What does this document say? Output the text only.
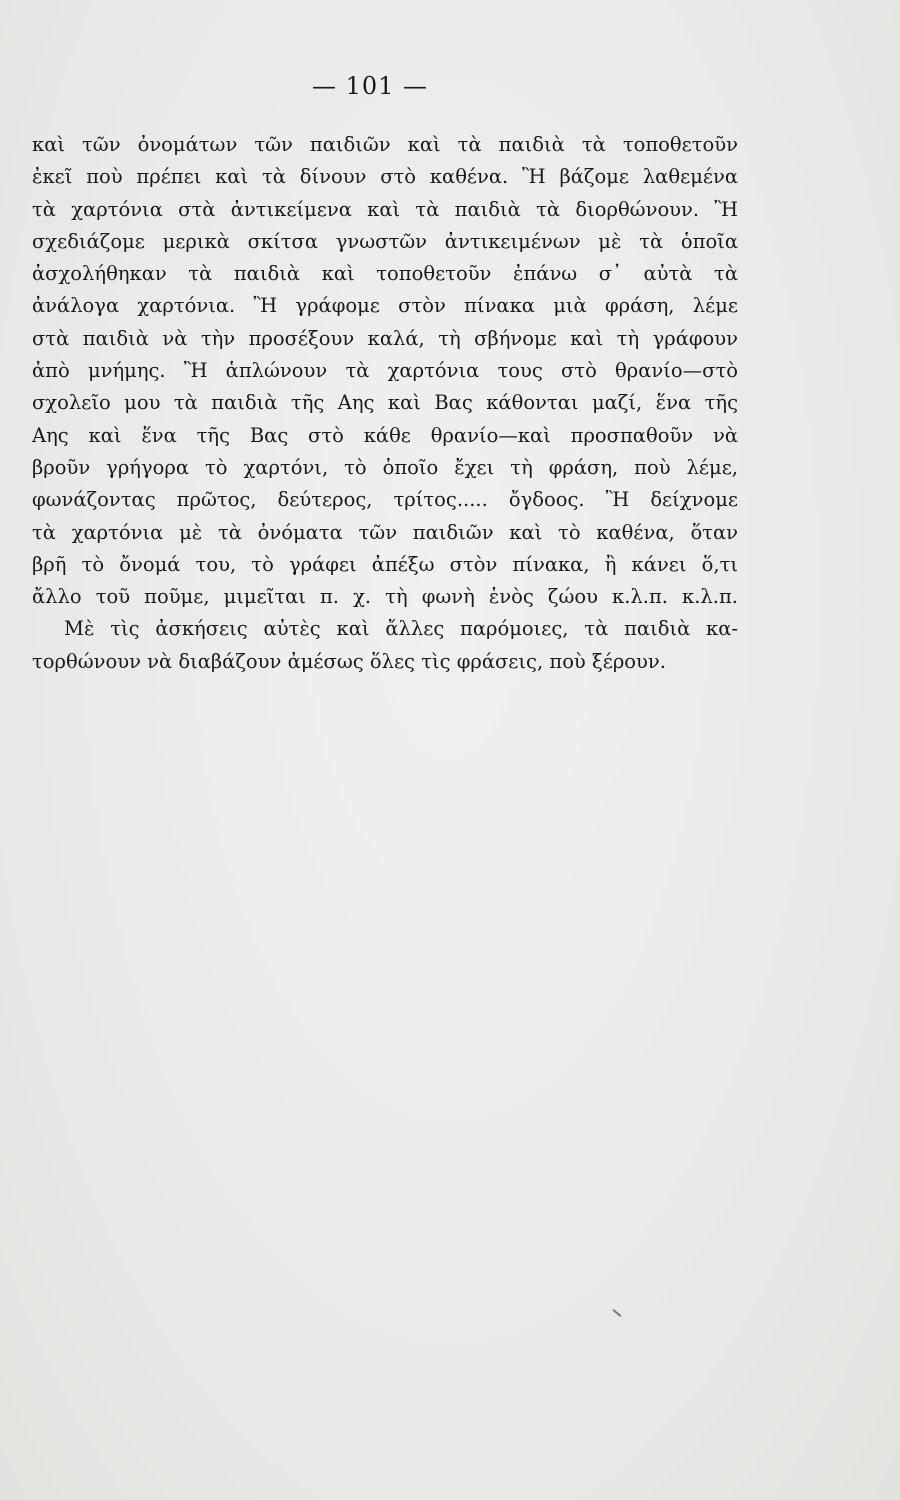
— 101 —
καὶ τῶν ὀνομάτων τῶν παιδιῶν καὶ τὰ παιδιὰ τὰ τοποθετοῦν
ἐκεῖ ποὺ πρέπει καὶ τὰ δίνουν στὸ καθένα. Ἢ βάζομε λαθεμένα
τὰ χαρτόνια στὰ ἀντικείμενα καὶ τὰ παιδιὰ τὰ διορθώνουν. Ἢ
σχεδιάζομε μερικὰ σκίτσα γνωστῶν ἀντικειμένων μὲ τὰ ὁποῖα
ἀσχολήθηκαν τὰ παιδιὰ καὶ τοποθετοῦν ἐπάνω σ᾿ αὐτὰ τὰ
ἀνάλογα χαρτόνια. Ἢ γράφομε στὸν πίνακα μιὰ φράση, λέμε
στὰ παιδιὰ νὰ τὴν προσέξουν καλά, τὴ σβήνομε καὶ τὴ γράφουν
ἀπὸ μνήμης. Ἢ ἁπλώνουν τὰ χαρτόνια τους στὸ θρανίο—στὸ
σχολεῖο μου τὰ παιδιὰ τῆς Αης καὶ Βας κάθονται μαζί, ἕνα τῆς
Αης καὶ ἕνα τῆς Βας στὸ κάθε θρανίο—καὶ προσπαθοῦν νὰ
βροῦν γρήγορα τὸ χαρτόνι, τὸ ὁποῖο ἔχει τὴ φράση, ποὺ λέμε,
φωνάζοντας πρῶτος, δεύτερος, τρίτος..... ὄγδοος. Ἢ δείχνομε
τὰ χαρτόνια μὲ τὰ ὀνόματα τῶν παιδιῶν καὶ τὸ καθένα, ὅταν
βρῆ τὸ ὄνομά του, τὸ γράφει ἀπέξω στὸν πίνακα, ἢ κάνει ὅ,τι
ἄλλο τοῦ ποῦμε, μιμεῖται π. χ. τὴ φωνὴ ἑνὸς ζώου κ.λ.π. κ.λ.π.
Μὲ τὶς ἀσκήσεις αὐτὲς καὶ ἄλλες παρόμοιες, τὰ παιδιὰ κα-
τορθώνουν νὰ διαβάζουν ἀμέσως ὅλες τὶς φράσεις, ποὺ ξέρουν.
